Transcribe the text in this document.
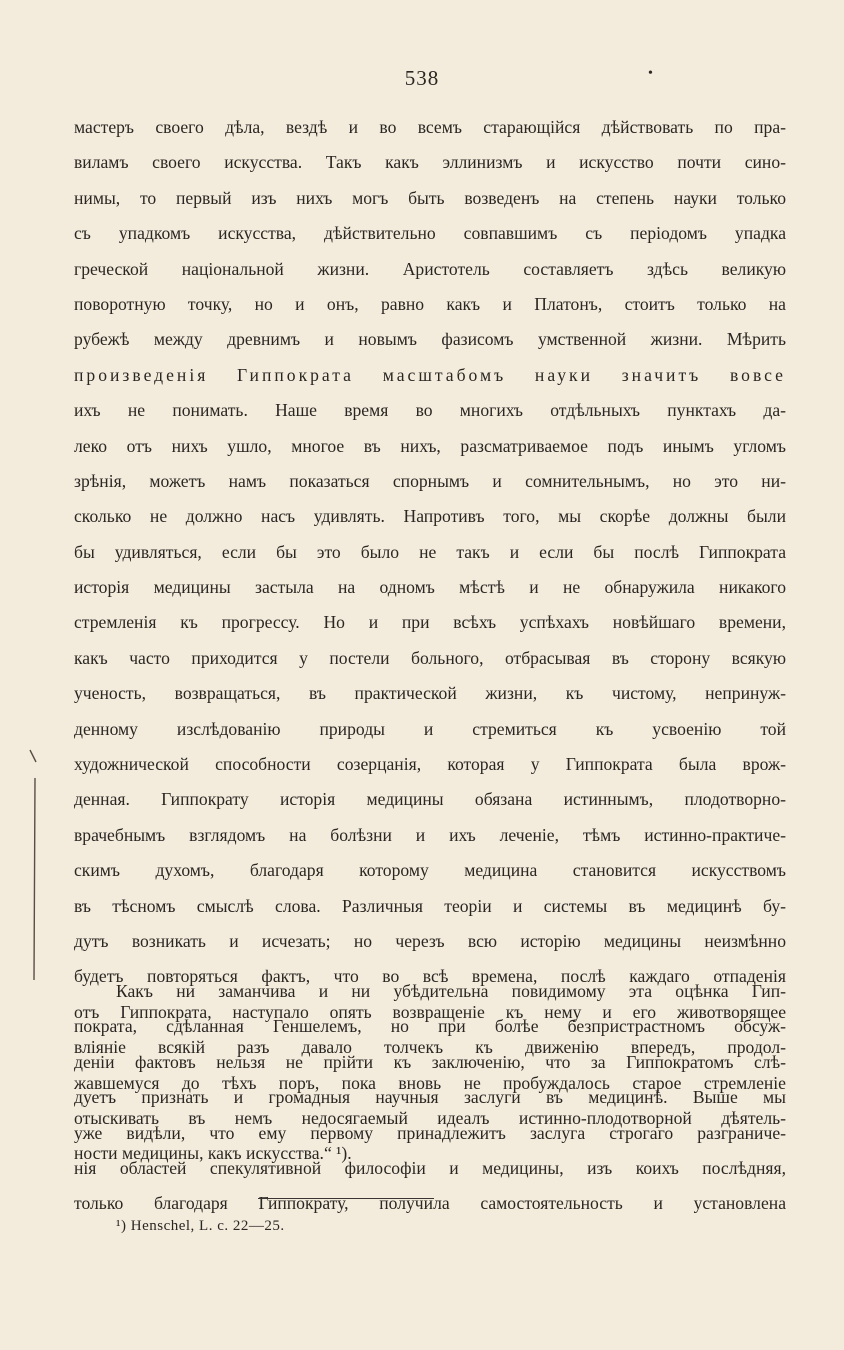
538	•
мастеръ своего дѣла, вездѣ и во всемъ старающійся дѣйствовать по пра-
виламъ своего искусства. Такъ какъ эллинизмъ и искусство почти сино-
нимы, то первый изъ нихъ могъ быть возведенъ на степень науки только
съ упадкомъ искусства, дѣйствительно совпавшимъ съ періодомъ упадка
греческой національной жизни. Аристотель составляетъ здѣсь великую
поворотную точку, но и онъ, равно какъ и Платонъ, стоитъ только на
рубежѣ между древнимъ и новымъ фазисомъ умственной жизни. Мѣрить
произведенія Гиппократа масштабомъ науки значитъ вовсе
ихъ не понимать. Наше время во многихъ отдѣльныхъ пунктахъ да-
леко отъ нихъ ушло, многое въ нихъ, разсматриваемое подъ инымъ угломъ
зрѣнія, можетъ намъ показаться спорнымъ и сомнительнымъ, но это ни-
сколько не должно насъ удивлять. Напротивъ того, мы скорѣе должны были
бы удивляться, если бы это было не такъ и если бы послѣ Гиппократа
исторія медицины застыла на одномъ мѣстѣ и не обнаружила никакого
стремленія къ прогрессу. Но и при всѣхъ успѣхахъ новѣйшаго времени,
какъ часто приходится у постели больного, отбрасывая въ сторону всякую
ученость, возвращаться, въ практической жизни, къ чистому, непринуж-
денному изслѣдованію природы и стремиться къ усвоенію той
художнической способности созерцанія, которая у Гиппократа была врож-
денная. Гиппократу исторія медицины обязана истиннымъ, плодотворно-
врачебнымъ взглядомъ на болѣзни и ихъ леченіе, тѣмъ истинно-практиче-
скимъ духомъ, благодаря которому медицина становится искусствомъ
въ тѣсномъ смыслѣ слова. Различныя теоріи и системы въ медицинѣ бу-
дутъ возникать и исчезать; но черезъ всю исторію медицины неизмѣнно
будетъ повторяться фактъ, что во всѣ времена, послѣ каждаго отпаденія
отъ Гиппократа, наступало опять возвращеніе къ нему и его животворящее
вліяніе всякій разъ давало толчекъ къ движенію впередъ, продол-
жавшемуся до тѣхъ поръ, пока вновь не пробуждалось старое стремленіе
отыскивать въ немъ недосягаемый идеалъ истинно-плодотворной дѣятель-
ности медицины, какъ искусства.“ ¹).
Какъ ни заманчива и ни убѣдительна повидимому эта оцѣнка Гип-
пократа, сдѣланная Геншелемъ, но при болѣе безпристрастномъ обсуж-
деніи фактовъ нельзя не прійти къ заключенію, что за Гиппократомъ слѣ-
дуетъ признать и громадныя научныя заслуги въ медицинѣ. Выше мы
уже видѣли, что ему первому принадлежитъ заслуга строгаго разграниче-
нія областей спекулятивной философіи и медицины, изъ коихъ послѣдняя,
только благодаря Гиппократу, получила самостоятельность и установлена
¹) Henschel, L. c. 22—25.
